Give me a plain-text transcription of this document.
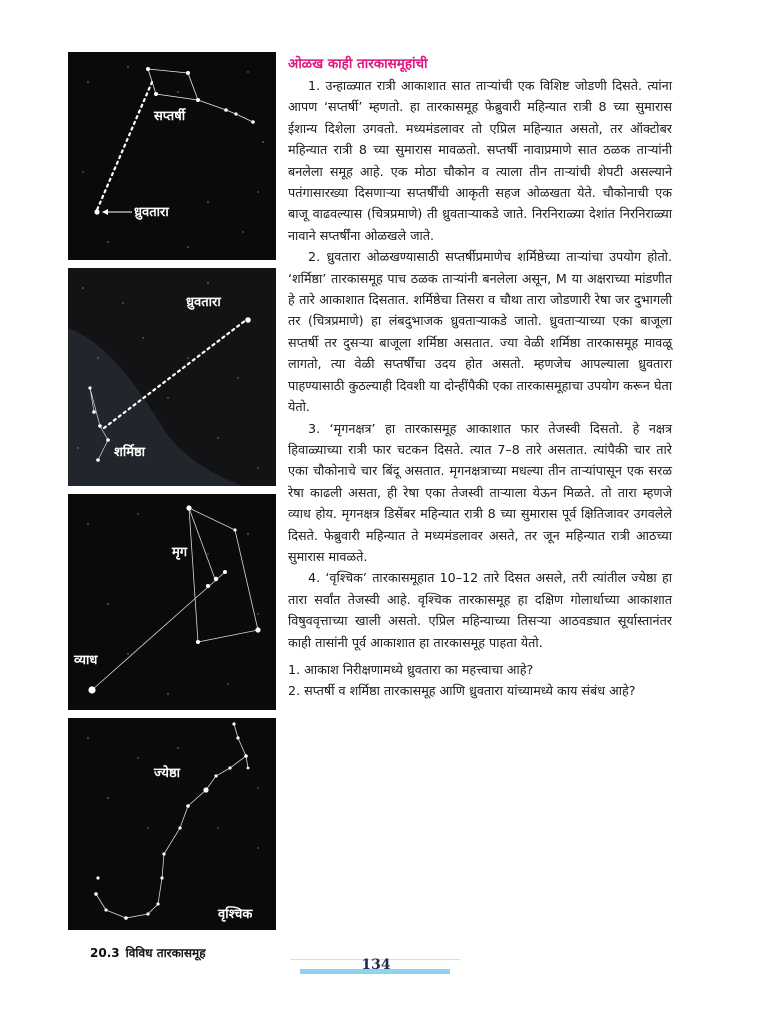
सप्तर्षी
ध्रुवतारा
ध्रुवतारा
शर्मिष्ठा
मृग
व्याध
ज्येष्ठा
वृश्चिक
20.3 विविध तारकासमूह
ओळख काही तारकासमूहांची

1. उन्हाळ्यात रात्री आकाशात सात ताऱ्यांची एक विशिष्ट जोडणी दिसते. त्यांना आपण ‘सप्तर्षी’ म्हणतो. हा तारकासमूह फेब्रुवारी महिन्यात रात्री 8 च्या सुमारास ईशान्य दिशेला उगवतो. मध्यमंडलावर तो एप्रिल महिन्यात असतो, तर ऑक्टोबर महिन्यात रात्री 8 च्या सुमारास मावळतो. सप्तर्षी नावाप्रमाणे सात ठळक ताऱ्यांनी बनलेला समूह आहे. एक मोठा चौकोन व त्याला तीन ताऱ्यांची शेपटी असल्याने पतंगासारख्या दिसणाऱ्या सप्तर्षींची आकृती सहज ओळखता येते. चौकोनाची एक बाजू वाढवल्यास (चित्रप्रमाणे) ती ध्रुवताऱ्याकडे जाते. निरनिराळ्या देशांत निरनिराळ्या नावाने सप्तर्षींना ओळखले जाते.

2. ध्रुवतारा ओळखण्यासाठी सप्तर्षीप्रमाणेच शर्मिष्ठेच्या ताऱ्यांचा उपयोग होतो. ‘शर्मिष्ठा’ तारकासमूह पाच ठळक ताऱ्यांनी बनलेला असून, M या अक्षराच्या मांडणीत हे तारे आकाशात दिसतात. शर्मिष्ठेचा तिसरा व चौथा तारा जोडणारी रेषा जर दुभागली तर (चित्रप्रमाणे) हा लंबदुभाजक ध्रुवताऱ्याकडे जातो. ध्रुवताऱ्याच्या एका बाजूला सप्तर्षी तर दुसऱ्या बाजूला शर्मिष्ठा असतात. ज्या वेळी शर्मिष्ठा तारकासमूह मावळू लागतो, त्या वेळी सप्तर्षींचा उदय होत असतो. म्हणजेच आपल्याला ध्रुवतारा पाहण्यासाठी कुठल्याही दिवशी या दोन्हींपैकी एका तारकासमूहाचा उपयोग करून घेता येतो.

3. ‘मृगनक्षत्र’ हा तारकासमूह आकाशात फार तेजस्वी दिसतो. हे नक्षत्र हिवाळ्याच्या रात्री फार चटकन दिसते. त्यात 7–8 तारे असतात. त्यांपैकी चार तारे एका चौकोनाचे चार बिंदू असतात. मृगनक्षत्राच्या मधल्या तीन ताऱ्यांपासून एक सरळ रेषा काढली असता, ही रेषा एका तेजस्वी ताऱ्याला येऊन मिळते. तो तारा म्हणजे व्याध होय. मृगनक्षत्र डिसेंबर महिन्यात रात्री 8 च्या सुमारास पूर्व क्षितिजावर उगवलेले दिसते. फेब्रुवारी महिन्यात ते मध्यमंडलावर असते, तर जून महिन्यात रात्री आठच्या सुमारास मावळते.

4. ‘वृश्चिक’ तारकासमूहात 10–12 तारे दिसत असले, तरी त्यांतील ज्येष्ठा हा तारा सर्वांत तेजस्वी आहे. वृश्चिक तारकासमूह हा दक्षिण गोलार्धाच्या आकाशात विषुववृत्ताच्या खाली असतो. एप्रिल महिन्याच्या तिसऱ्या आठवड्यात सूर्यास्तानंतर काही तासांनी पूर्व आकाशात हा तारकासमूह पाहता येतो.

1. आकाश निरीक्षणामध्ये ध्रुवतारा का महत्त्वाचा आहे?
2. सप्तर्षी व शर्मिष्ठा तारकासमूह आणि ध्रुवतारा यांच्यामध्ये काय संबंध आहे?
134
